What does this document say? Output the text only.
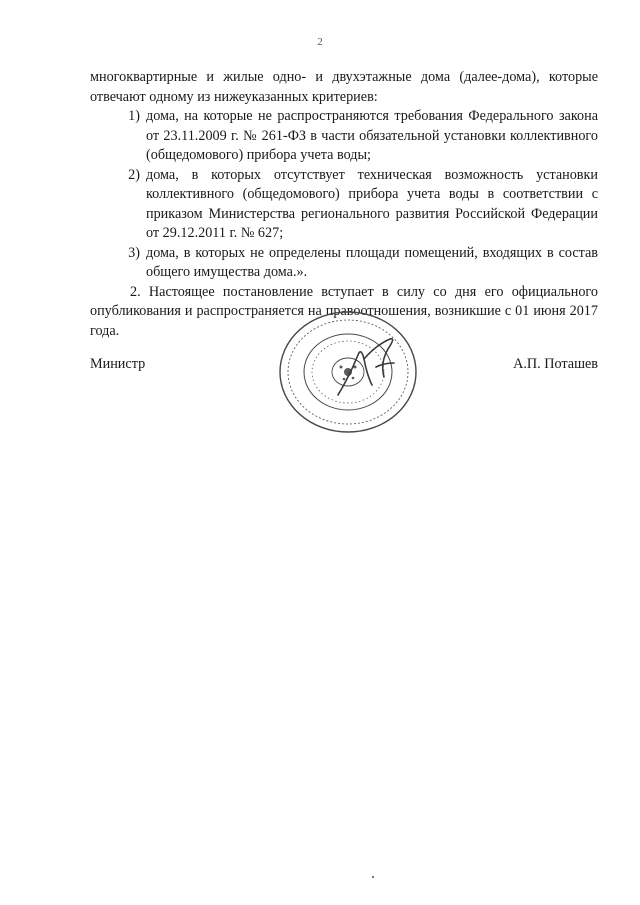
2

многоквартирные и жилые одно- и двухэтажные дома (далее-дома), которые отвечают одному из нижеуказанных критериев:

1) дома, на которые не распространяются требования Федерального закона от 23.11.2009 г. № 261-ФЗ в части обязательной установки коллективного (общедомового) прибора учета воды;
2) дома, в которых отсутствует техническая возможность установки коллективного (общедомового) прибора учета воды в соответствии с приказом Министерства регионального развития Российской Федерации от 29.12.2011 г. № 627;
3) дома, в которых не определены площади помещений, входящих в состав общего имущества дома.».

2. Настоящее постановление вступает в силу со дня его официального опубликования и распространяется на правоотношения, возникшие с 01 июня 2017 года.

Министр	А.П. Поташев
